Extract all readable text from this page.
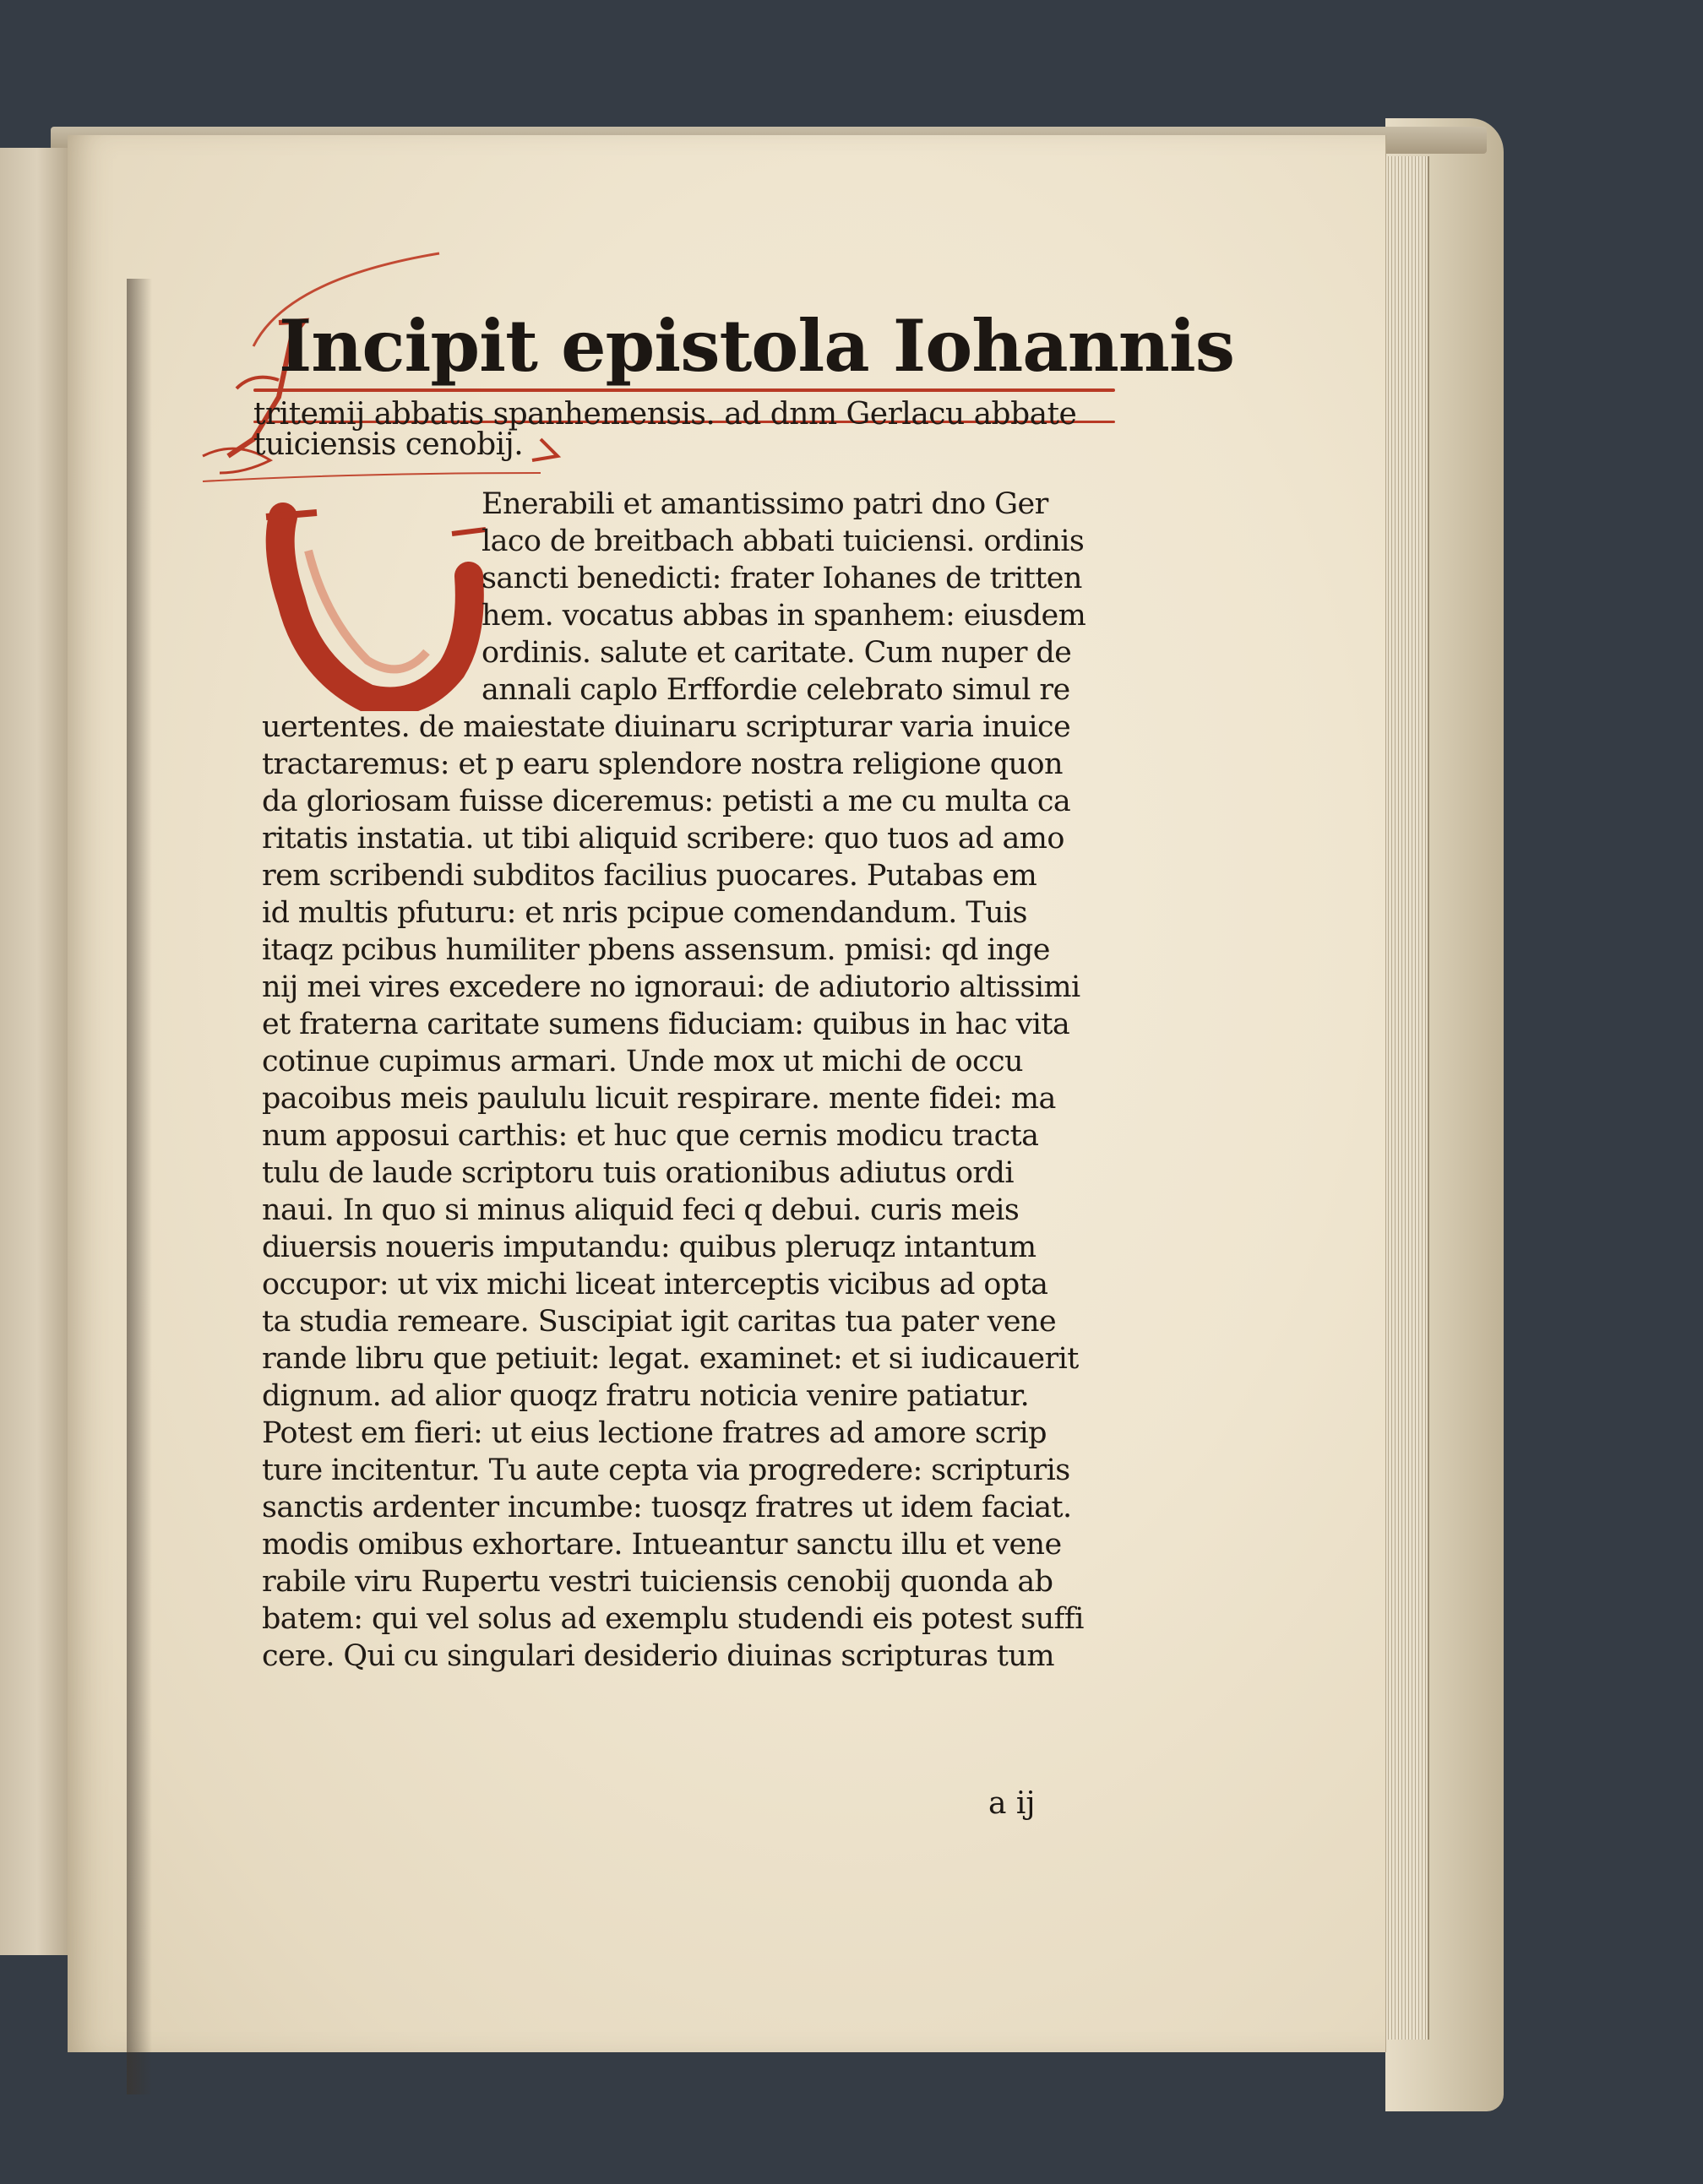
Incipit epistola Iohannis
tritemij abbatis spanhemensis. ad dnm Gerlacu abbate
tuiciensis cenobij.
Enerabili et amantissimo patri dno Ger
laco de breitbach abbati tuiciensi. ordinis
sancti benedicti: frater Iohanes de tritten
hem. vocatus abbas in spanhem: eiusdem
ordinis. salute et caritate. Cum nuper de
annali caplo Erffordie celebrato simul re
uertentes. de maiestate diuinaru scripturar varia inuice
tractaremus: et p earu splendore nostra religione quon
da gloriosam fuisse diceremus: petisti a me cu multa ca
ritatis instatia. ut tibi aliquid scribere: quo tuos ad amo
rem scribendi subditos facilius puocares. Putabas em
id multis pfuturu: et nris pcipue comendandum. Tuis
itaqz pcibus humiliter pbens assensum. pmisi: qd inge
nij mei vires excedere no ignoraui: de adiutorio altissimi
et fraterna caritate sumens fiduciam: quibus in hac vita
cotinue cupimus armari. Unde mox ut michi de occu
pacoibus meis paululu licuit respirare. mente fidei: ma
num apposui carthis: et huc que cernis modicu tracta
tulu de laude scriptoru tuis orationibus adiutus ordi
naui. In quo si minus aliquid feci q debui. curis meis
diuersis noueris imputandu: quibus pleruqz intantum
occupor: ut vix michi liceat interceptis vicibus ad opta
ta studia remeare. Suscipiat igit caritas tua pater vene
rande libru que petiuit: legat. examinet: et si iudicauerit
dignum. ad alior quoqz fratru noticia venire patiatur.
Potest em fieri: ut eius lectione fratres ad amore scrip
ture incitentur. Tu aute cepta via progredere: scripturis
sanctis ardenter incumbe: tuosqz fratres ut idem faciat.
modis omibus exhortare. Intueantur sanctu illu et vene
rabile viru Rupertu vestri tuiciensis cenobij quonda ab
batem: qui vel solus ad exemplu studendi eis potest suffi
cere. Qui cu singulari desiderio diuinas scripturas tum
a ij
